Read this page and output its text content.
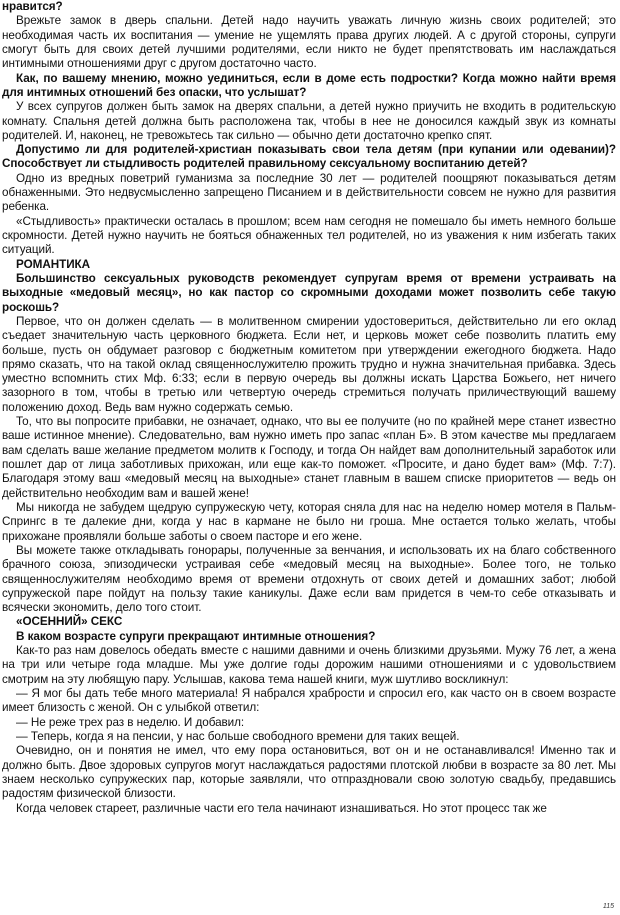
нравится?

Врежьте замок в дверь спальни. Детей надо научить уважать личную жизнь своих родителей; это необходимая часть их воспитания — умение не ущемлять права других людей. А с другой стороны, супруги смогут быть для своих детей лучшими родителями, если никто не будет препятствовать им наслаждаться интимными отношениями друг с другом достаточно часто.

Как, по вашему мнению, можно уединиться, если в доме есть подростки? Когда можно найти время для интимных отношений без опаски, что услышат?

У всех супругов должен быть замок на дверях спальни, а детей нужно приучить не входить в родительскую комнату. Спальня детей должна быть расположена так, чтобы в нее не доносился каждый звук из комнаты родителей. И, наконец, не тревожьтесь так сильно — обычно дети достаточно крепко спят.

Допустимо ли для родителей-христиан показывать свои тела детям (при купании или одевании)? Способствует ли стыдливость родителей правильному сексуальному воспитанию детей?

Одно из вредных поветрий гуманизма за последние 30 лет — родителей поощряют показываться детям обнаженными. Это недвусмысленно запрещено Писанием и в действительности совсем не нужно для развития ребенка.

«Стыдливость» практически осталась в прошлом; всем нам сегодня не помешало бы иметь немного больше скромности. Детей нужно научить не бояться обнаженных тел родителей, но из уважения к ним избегать таких ситуаций.

РОМАНТИКА

Большинство сексуальных руководств рекомендует супругам время от времени устраивать на выходные «медовый месяц», но как пастор со скромными доходами может позволить себе такую роскошь?

Первое, что он должен сделать — в молитвенном смирении удостовериться, действительно ли его оклад съедает значительную часть церковного бюджета. Если нет, и церковь может себе позволить платить ему больше, пусть он обдумает разговор с бюджетным комитетом при утверждении ежегодного бюджета. Надо прямо сказать, что на такой оклад священнослужителю прожить трудно и нужна значительная прибавка. Здесь уместно вспомнить стих Мф. 6:33; если в первую очередь вы должны искать Царства Божьего, нет ничего зазорного в том, чтобы в третью или четвертую очередь стремиться получать приличествующий вашему положению доход. Ведь вам нужно содержать семью.

То, что вы попросите прибавки, не означает, однако, что вы ее получите (но по крайней мере станет известно ваше истинное мнение). Следовательно, вам нужно иметь про запас «план Б». В этом качестве мы предлагаем вам сделать ваше желание предметом молитв к Господу, и тогда Он найдет вам дополнительный заработок или пошлет дар от лица заботливых прихожан, или еще как-то поможет. «Просите, и дано будет вам» (Мф. 7:7). Благодаря этому ваш «медовый месяц на выходные» станет главным в вашем списке приоритетов — ведь он действительно необходим вам и вашей жене!

Мы никогда не забудем щедрую супружескую чету, которая сняла для нас на неделю номер мотеля в Пальм-Спрингс в те далекие дни, когда у нас в кармане не было ни гроша. Мне остается только желать, чтобы прихожане проявляли больше заботы о своем пасторе и его жене.

Вы можете также откладывать гонорары, полученные за венчания, и использовать их на благо собственного брачного союза, эпизодически устраивая себе «медовый месяц на выходные». Более того, не только священнослужителям необходимо время от времени отдохнуть от своих детей и домашних забот; любой супружеской паре пойдут на пользу такие каникулы. Даже если вам придется в чем-то себе отказывать и всячески экономить, дело того стоит.

«ОСЕННИЙ» СЕКС

В каком возрасте супруги прекращают интимные отношения?

Как-то раз нам довелось обедать вместе с нашими давними и очень близкими друзьями. Мужу 76 лет, а жена на три или четыре года младше. Мы уже долгие годы дорожим нашими отношениями и с удовольствием смотрим на эту любящую пару. Услышав, какова тема нашей книги, муж шутливо воскликнул:

— Я мог бы дать тебе много материала! Я набрался храбрости и спросил его, как часто он в своем возрасте имеет близость с женой. Он с улыбкой ответил:

— Не реже трех раз в неделю. И добавил:

— Теперь, когда я на пенсии, у нас больше свободного времени для таких вещей.

Очевидно, он и понятия не имел, что ему пора остановиться, вот он и не останавливался! Именно так и должно быть. Двое здоровых супругов могут наслаждаться радостями плотской любви в возрасте за 80 лет. Мы знаем несколько супружеских пар, которые заявляли, что отпраздновали свою золотую свадьбу, предавшись радостям физической близости.

Когда человек стареет, различные части его тела начинают изнашиваться. Но этот процесс так же

115
